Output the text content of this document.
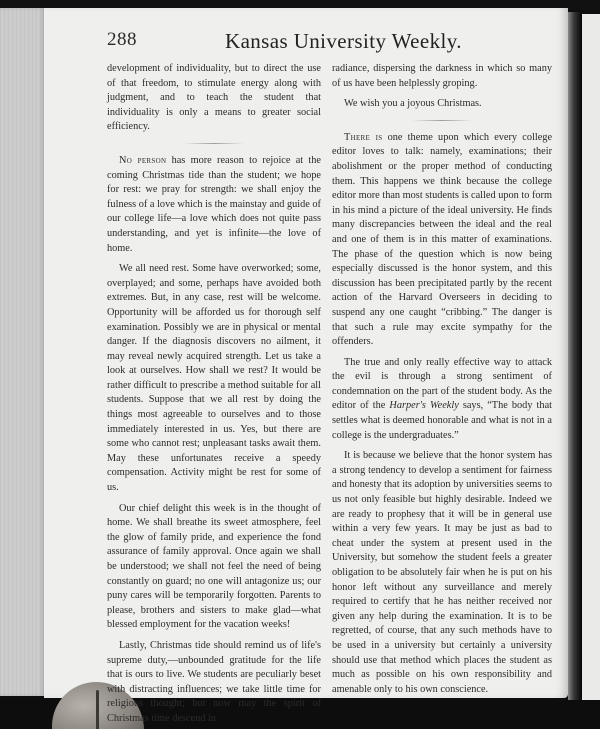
288	Kansas University Weekly.

development of individuality, but to direct the use of that freedom, to stimulate energy along with judgment, and to teach the student that individuality is only a means to greater social efficiency.

No person has more reason to rejoice at the coming Christmas tide than the student; we hope for rest: we pray for strength: we shall enjoy the fulness of a love which is the mainstay and guide of our college life—a love which does not quite pass understanding, and yet is infinite—the love of home.

We all need rest. Some have overworked; some, overplayed; and some, perhaps have avoided both extremes. But, in any case, rest will be welcome. Opportunity will be afforded us for thorough self examination. Possibly we are in physical or mental danger. If the diagnosis discovers no ailment, it may reveal newly acquired strength. Let us take a look at ourselves. How shall we rest? It would be rather difficult to prescribe a method suitable for all students. Suppose that we all rest by doing the things most agreeable to ourselves and to those immediately interested in us. Yes, but there are some who cannot rest; unpleasant tasks await them. May these unfortunates receive a speedy compensation. Activity might be rest for some of us.

Our chief delight this week is in the thought of home. We shall breathe its sweet atmosphere, feel the glow of family pride, and experience the fond assurance of family approval. Once again we shall be understood; we shall not feel the need of being constantly on guard; no one will antagonize us; our puny cares will be temporarily forgotten. Parents to please, brothers and sisters to make glad—what blessed employment for the vacation weeks!

Lastly, Christmas tide should remind us of life's supreme duty,—unbounded gratitude for the life that is ours to live. We students are peculiarly beset with distracting influences; we take little time for religious thought; but now may the spirit of Christmas time descend in

radiance, dispersing the darkness in which so many of us have been helplessly groping.

We wish you a joyous Christmas.

There is one theme upon which every college editor loves to talk: namely, examinations; their abolishment or the proper method of conducting them. This happens we think because the college editor more than most students is called upon to form in his mind a picture of the ideal university. He finds many discrepancies between the ideal and the real and one of them is in this matter of examinations. The phase of the question which is now being especially discussed is the honor system, and this discussion has been precipitated partly by the recent action of the Harvard Overseers in deciding to suspend any one caught “cribbing.” The danger is that such a rule may excite sympathy for the offenders.

The true and only really effective way to attack the evil is through a strong sentiment of condemnation on the part of the student body. As the editor of the Harper's Weekly says, “The body that settles what is deemed honorable and what is not in a college is the undergraduates.”

It is because we believe that the honor system has a strong tendency to develop a sentiment for fairness and honesty that its adoption by universities seems to us not only feasible but highly desirable. Indeed we are ready to prophesy that it will be in general use within a very few years. It may be just as bad to cheat under the system at present used in the University, but somehow the student feels a greater obligation to be absolutely fair when he is put on his honor left without any surveillance and merely required to certify that he has neither received nor given any help during the examination. It is to be regretted, of course, that any such methods have to be used in a university but certainly a university should use that method which places the student as much as possible on his own responsibility and amenable only to his own conscience.
